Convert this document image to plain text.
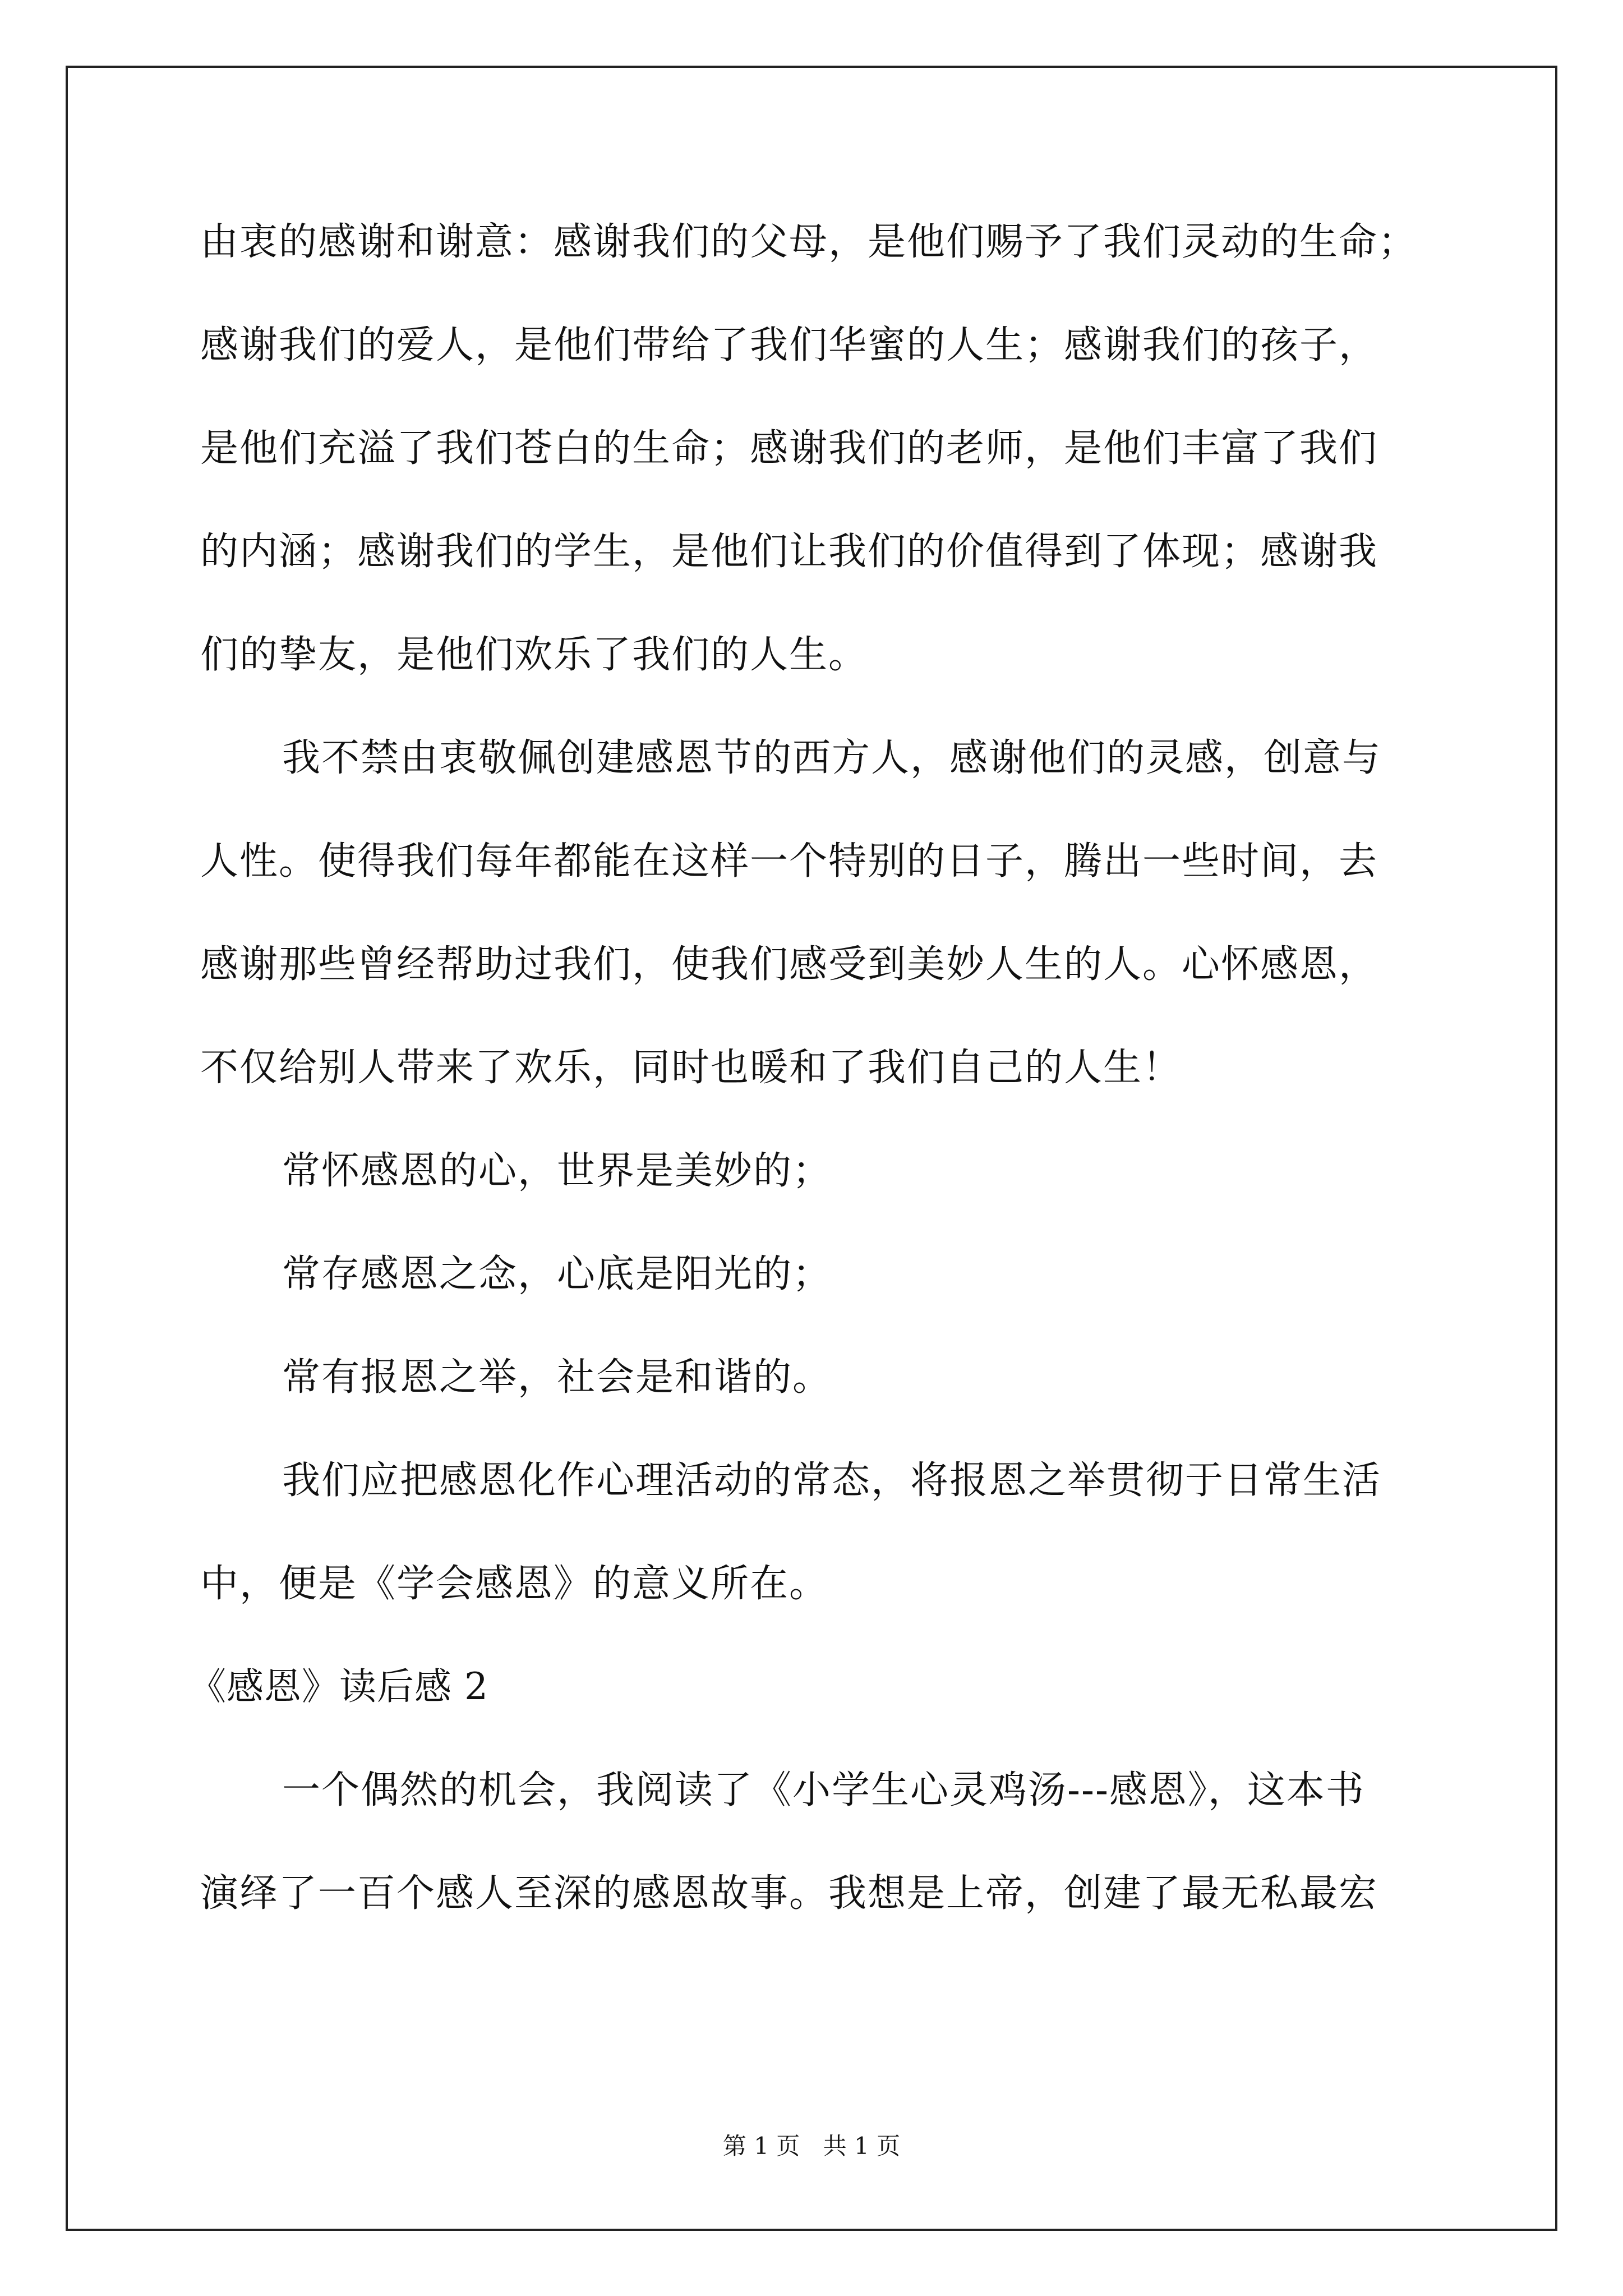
由衷的感谢和谢意：感谢我们的父母，是他们赐予了我们灵动的生命；
感谢我们的爱人，是他们带给了我们华蜜的人生；感谢我们的孩子，
是他们充溢了我们苍白的生命；感谢我们的老师，是他们丰富了我们
的内涵；感谢我们的学生，是他们让我们的价值得到了体现；感谢我
们的挚友，是他们欢乐了我们的人生。
我不禁由衷敬佩创建感恩节的西方人，感谢他们的灵感，创意与
人性。使得我们每年都能在这样一个特别的日子，腾出一些时间，去
感谢那些曾经帮助过我们，使我们感受到美妙人生的人。心怀感恩，
不仅给别人带来了欢乐，同时也暖和了我们自己的人生！
常怀感恩的心，世界是美妙的；
常存感恩之念，心底是阳光的；
常有报恩之举，社会是和谐的。
我们应把感恩化作心理活动的常态，将报恩之举贯彻于日常生活
中，便是《学会感恩》的意义所在。
《感恩》读后感 2
一个偶然的机会，我阅读了《小学生心灵鸡汤---感恩》，这本书
演绎了一百个感人至深的感恩故事。我想是上帝，创建了最无私最宏
第 1 页 共 1 页
